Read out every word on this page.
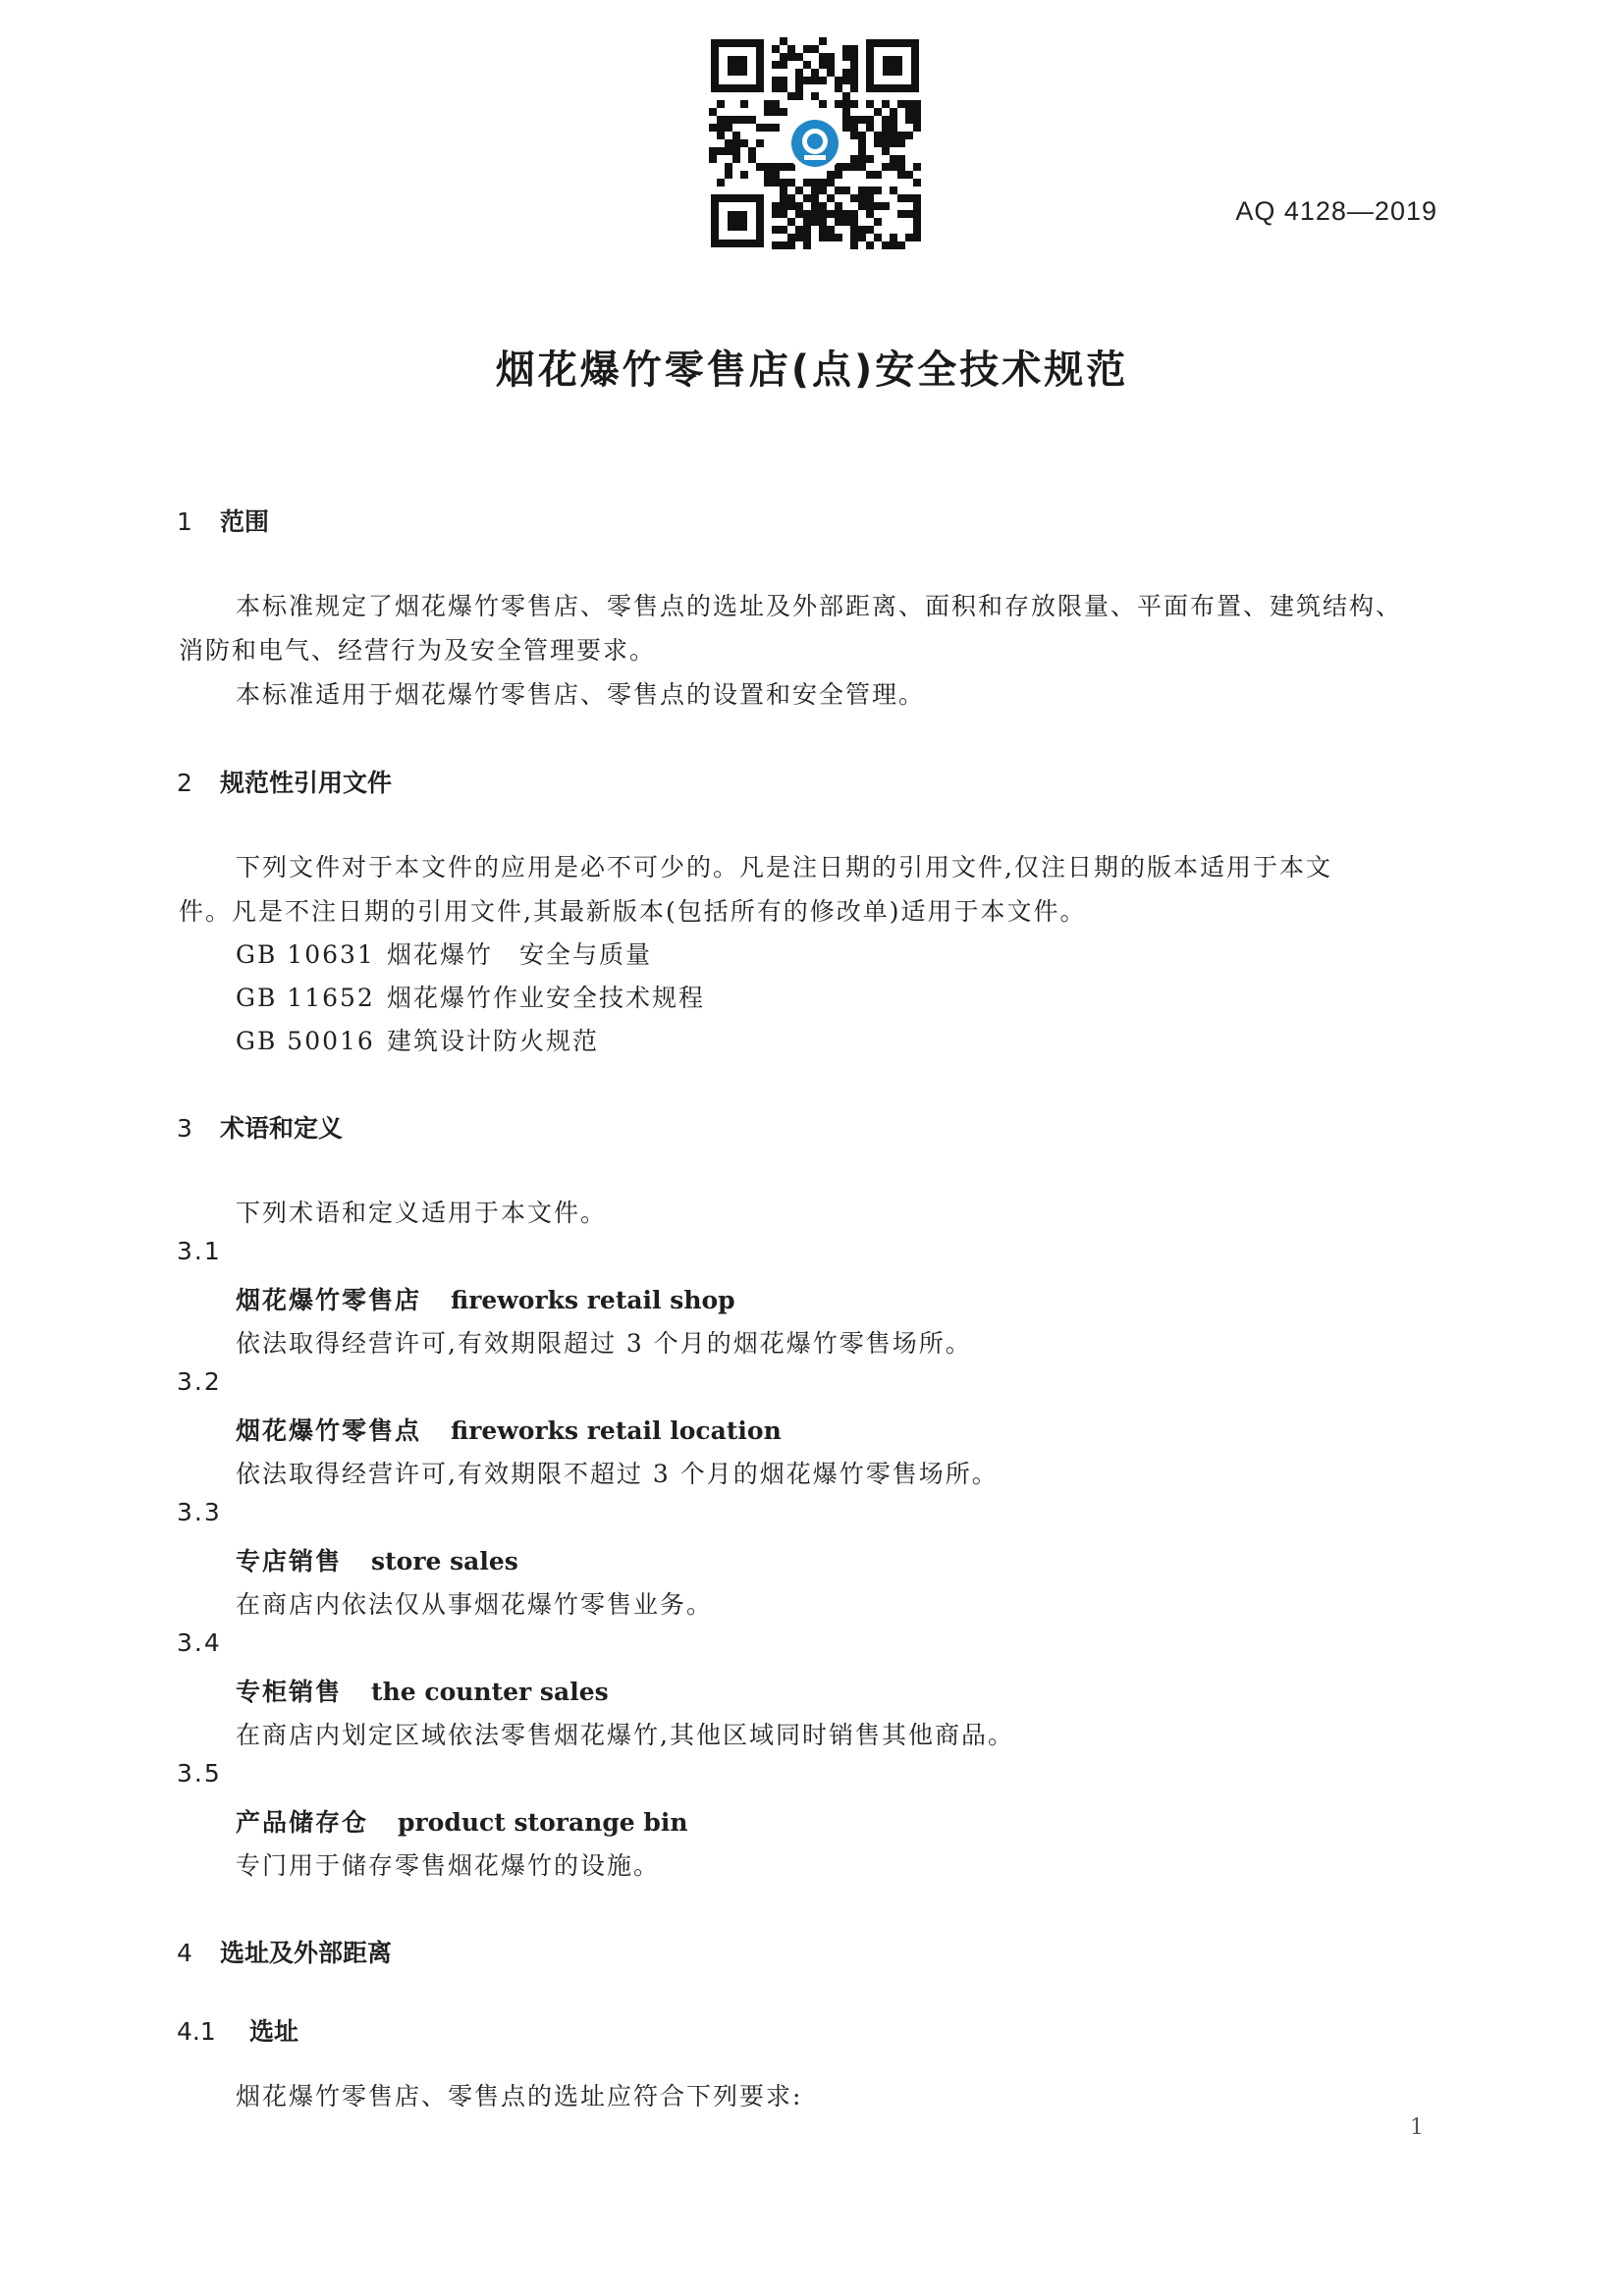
AQ 4128—2019
烟花爆竹零售店(点)安全技术规范
1 范围
本标准规定了烟花爆竹零售店、零售点的选址及外部距离、面积和存放限量、平面布置、建筑结构、
消防和电气、经营行为及安全管理要求。
本标准适用于烟花爆竹零售店、零售点的设置和安全管理。
2 规范性引用文件
下列文件对于本文件的应用是必不可少的。凡是注日期的引用文件,仅注日期的版本适用于本文
件。凡是不注日期的引用文件,其最新版本(包括所有的修改单)适用于本文件。
GB 10631 烟花爆竹　安全与质量
GB 11652 烟花爆竹作业安全技术规程
GB 50016 建筑设计防火规范
3 术语和定义
下列术语和定义适用于本文件。
3.1
烟花爆竹零售店 fireworks retail shop
依法取得经营许可,有效期限超过 3 个月的烟花爆竹零售场所。
3.2
烟花爆竹零售点 fireworks retail location
依法取得经营许可,有效期限不超过 3 个月的烟花爆竹零售场所。
3.3
专店销售 store sales
在商店内依法仅从事烟花爆竹零售业务。
3.4
专柜销售 the counter sales
在商店内划定区域依法零售烟花爆竹,其他区域同时销售其他商品。
3.5
产品储存仓 product storange bin
专门用于储存零售烟花爆竹的设施。
4 选址及外部距离
4.1 选址
烟花爆竹零售店、零售点的选址应符合下列要求:
1
